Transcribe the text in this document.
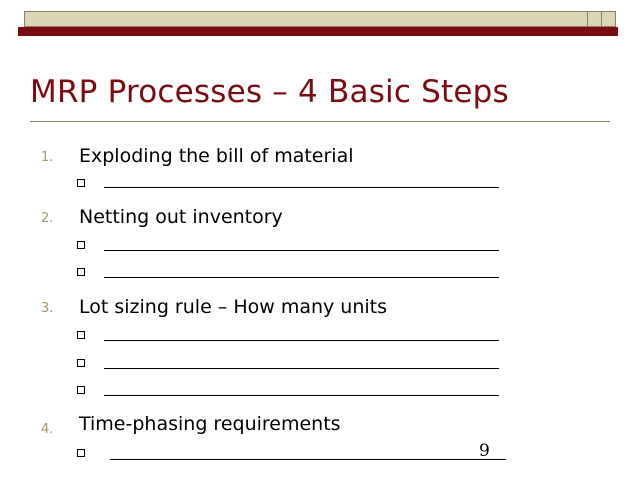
MRP Processes – 4 Basic Steps
1. Exploding the bill of material
2. Netting out inventory
3. Lot sizing rule – How many units
4. Time-phasing requirements
9
